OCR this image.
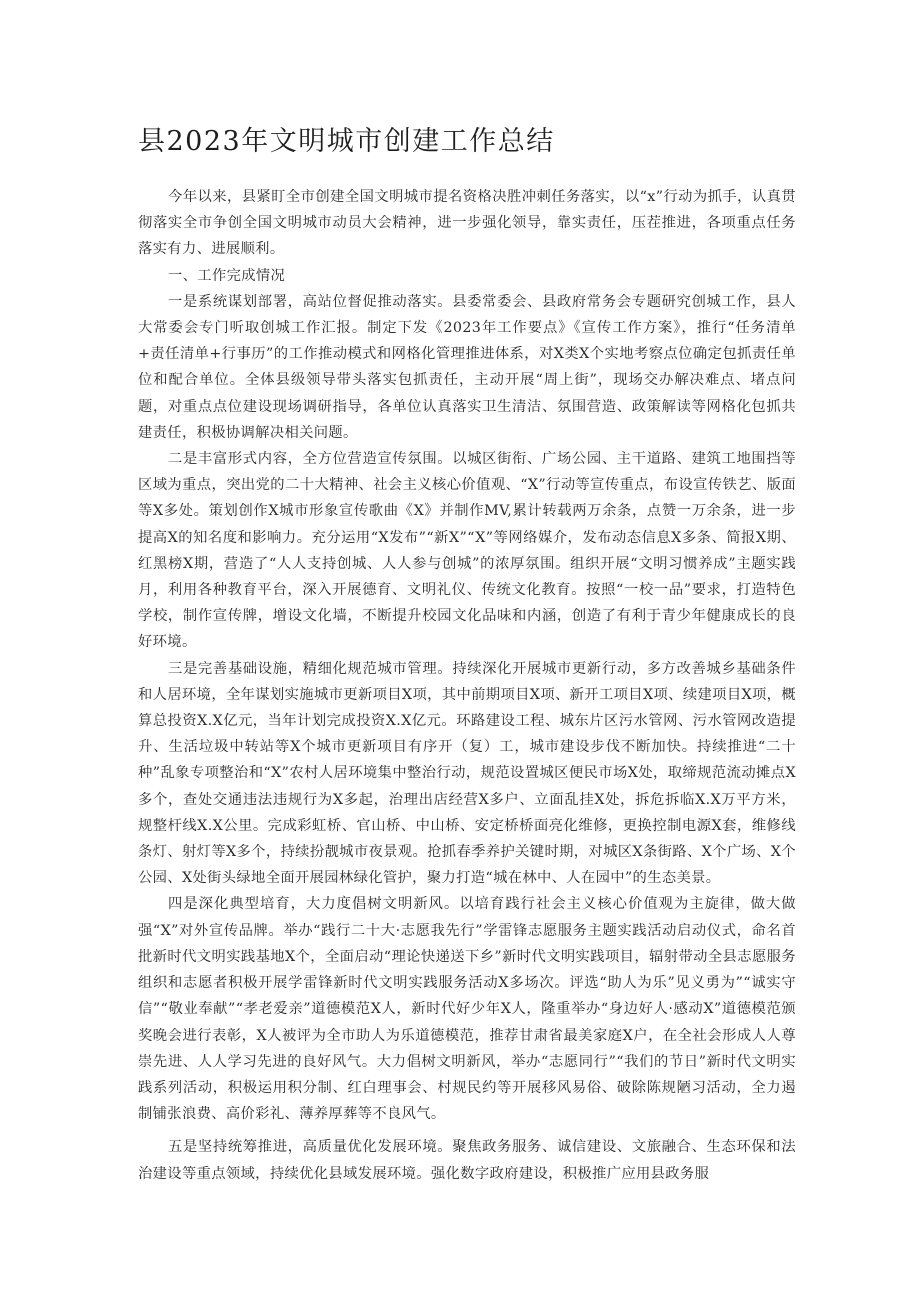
县2023年文明城市创建工作总结

今年以来，县紧盯全市创建全国文明城市提名资格决胜冲刺任务落实，以“x”行动为抓手，认真贯彻落实全市争创全国文明城市动员大会精神，进一步强化领导，靠实责任，压茬推进，各项重点任务落实有力、进展顺利。

一、工作完成情况

一是系统谋划部署，高站位督促推动落实。县委常委会、县政府常务会专题研究创城工作，县人大常委会专门听取创城工作汇报。制定下发《2023年工作要点》《宣传工作方案》，推行“任务清单+责任清单+行事历”的工作推动模式和网格化管理推进体系，对X类X个实地考察点位确定包抓责任单位和配合单位。全体县级领导带头落实包抓责任，主动开展“周上街”，现场交办解决难点、堵点问题，对重点点位建设现场调研指导，各单位认真落实卫生清洁、氛围营造、政策解读等网格化包抓共建责任，积极协调解决相关问题。

二是丰富形式内容，全方位营造宣传氛围。以城区街衔、广场公园、主干道路、建筑工地围挡等区域为重点，突出党的二十大精神、社会主义核心价值观、“X”行动等宣传重点，布设宣传铁艺、版面等X多处。策划创作X城市形象宣传歌曲《X》并制作MV,累计转载两万余条，点赞一万余条，进一步提高X的知名度和影响力。充分运用“X发布”“新X”“X”等网络媒介，发布动态信息X多条、简报X期、红黑榜X期，营造了“人人支持创城、人人参与创城”的浓厚氛围。组织开展“文明习惯养成”主题实践月，利用各种教育平台，深入开展德育、文明礼仪、传统文化教育。按照“一校一品”要求，打造特色学校，制作宣传牌，增设文化墙，不断提升校园文化品味和内涵，创造了有利于青少年健康成长的良好环境。

三是完善基础设施，精细化规范城市管理。持续深化开展城市更新行动，多方改善城乡基础条件和人居环境，全年谋划实施城市更新项目X项，其中前期项目X项、新开工项目X项、续建项目X项，概算总投资X.X亿元，当年计划完成投资X.X亿元。环路建设工程、城东片区污水管网、污水管网改造提升、生活垃圾中转站等X个城市更新项目有序开（复）工，城市建设步伐不断加快。持续推进“二十种”乱象专项整治和“X”农村人居环境集中整治行动，规范设置城区便民市场X处，取缔规范流动摊点X多个，查处交通违法违规行为X多起，治理出店经营X多户、立面乱挂X处，拆危拆临X.X万平方米，规整杆线X.X公里。完成彩虹桥、官山桥、中山桥、安定桥桥面亮化维修，更换控制电源X套，维修线条灯、射灯等X多个，持续扮靓城市夜景观。抢抓春季养护关键时期，对城区X条街路、X个广场、X个公园、X处街头绿地全面开展园林绿化管护，聚力打造“城在林中、人在园中”的生态美景。

四是深化典型培育，大力度倡树文明新风。以培育践行社会主义核心价值观为主旋律，做大做强“X”对外宣传品牌。举办“践行二十大·志愿我先行”学雷锋志愿服务主题实践活动启动仪式，命名首批新时代文明实践基地X个，全面启动“理论快递送下乡”新时代文明实践项目，辐射带动全县志愿服务组织和志愿者积极开展学雷锋新时代文明实践服务活动X多场次。评选“助人为乐”见义勇为”“诚实守信”“敬业奉献”“孝老爱亲”道德模范X人，新时代好少年X人，隆重举办“身边好人·感动X”道德模范颁奖晚会进行表彰，X人被评为全市助人为乐道德模范，推荐甘肃省最美家庭X户，在全社会形成人人尊崇先进、人人学习先进的良好风气。大力倡树文明新风，举办“志愿同行”“我们的节日”新时代文明实践系列活动，积极运用积分制、红白理事会、村规民约等开展移风易俗、破除陈规陋习活动，全力遏制铺张浪费、高价彩礼、薄养厚葬等不良风气。

五是坚持统筹推进，高质量优化发展环境。聚焦政务服务、诚信建设、文旅融合、生态环保和法治建设等重点领域，持续优化县域发展环境。强化数字政府建设，积极推广应用县政务服
